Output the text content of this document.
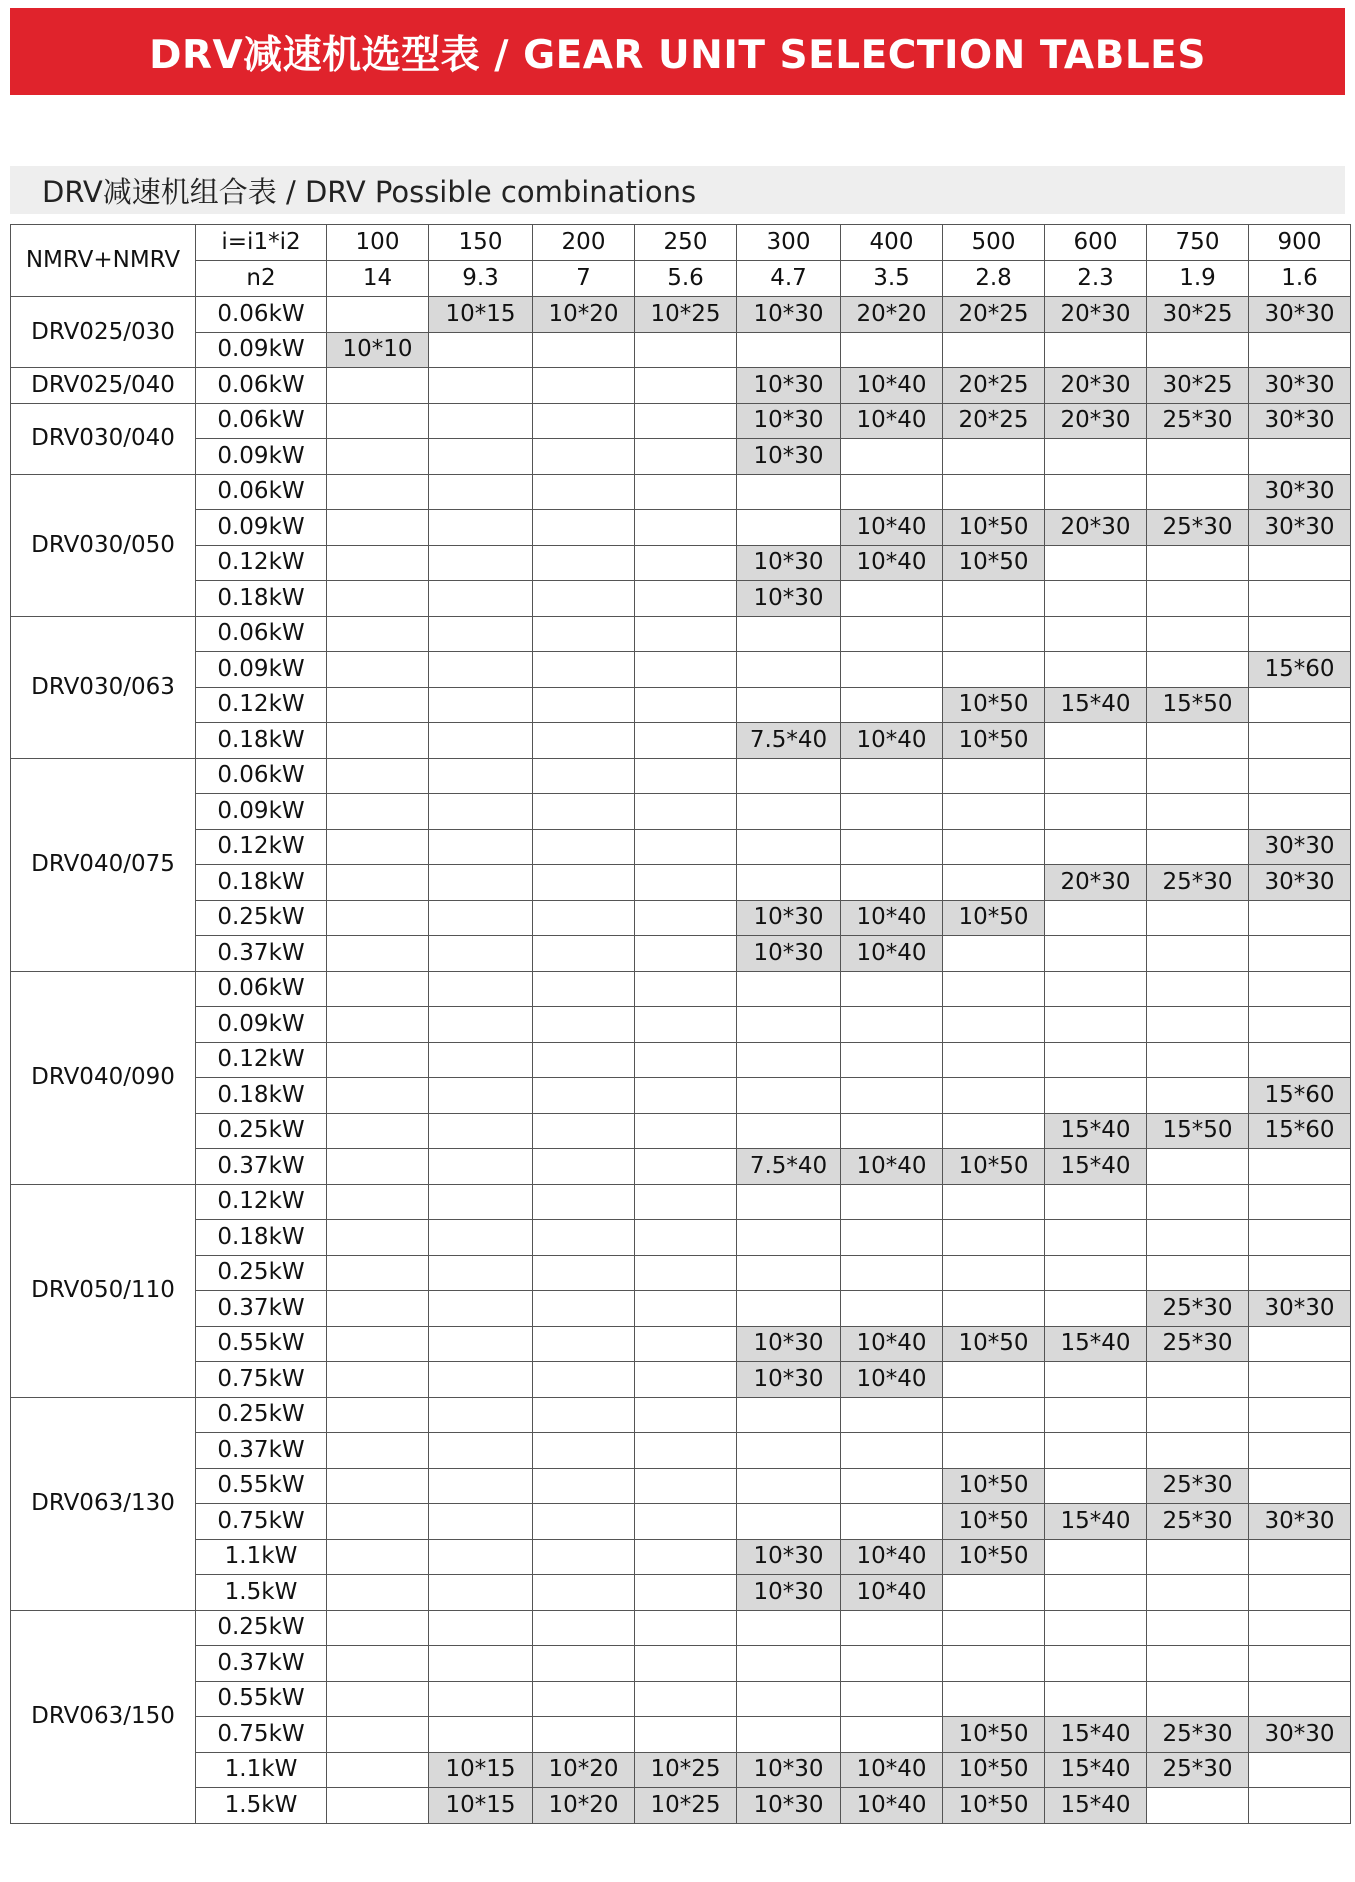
DRV减速机选型表 / GEAR UNIT SELECTION TABLES
DRV减速机组合表 / DRV Possible combinations
NMRV+NMRV	i=i1*i2	100	150	200	250	300	400	500	600	750	900
	n2	14	9.3	7	5.6	4.7	3.5	2.8	2.3	1.9	1.6
DRV025/030	0.06kW		10*15	10*20	10*25	10*30	20*20	20*25	20*30	30*25	30*30
	0.09kW	10*10									
DRV025/040	0.06kW					10*30	10*40	20*25	20*30	30*25	30*30
DRV030/040	0.06kW					10*30	10*40	20*25	20*30	25*30	30*30
	0.09kW					10*30					
DRV030/050	0.06kW										30*30
	0.09kW						10*40	10*50	20*30	25*30	30*30
	0.12kW					10*30	10*40	10*50			
	0.18kW					10*30					
DRV030/063	0.06kW										
	0.09kW										15*60
	0.12kW							10*50	15*40	15*50	
	0.18kW					7.5*40	10*40	10*50			
DRV040/075	0.06kW										
	0.09kW										
	0.12kW										30*30
	0.18kW								20*30	25*30	30*30
	0.25kW					10*30	10*40	10*50			
	0.37kW					10*30	10*40				
DRV040/090	0.06kW										
	0.09kW										
	0.12kW										
	0.18kW										15*60
	0.25kW								15*40	15*50	15*60
	0.37kW					7.5*40	10*40	10*50	15*40		
DRV050/110	0.12kW										
	0.18kW										
	0.25kW										
	0.37kW									25*30	30*30
	0.55kW					10*30	10*40	10*50	15*40	25*30	
	0.75kW					10*30	10*40				
DRV063/130	0.25kW										
	0.37kW										
	0.55kW							10*50		25*30	
	0.75kW							10*50	15*40	25*30	30*30
	1.1kW					10*30	10*40	10*50			
	1.5kW					10*30	10*40				
DRV063/150	0.25kW										
	0.37kW										
	0.55kW										
	0.75kW							10*50	15*40	25*30	30*30
	1.1kW		10*15	10*20	10*25	10*30	10*40	10*50	15*40	25*30	
	1.5kW		10*15	10*20	10*25	10*30	10*40	10*50	15*40		
